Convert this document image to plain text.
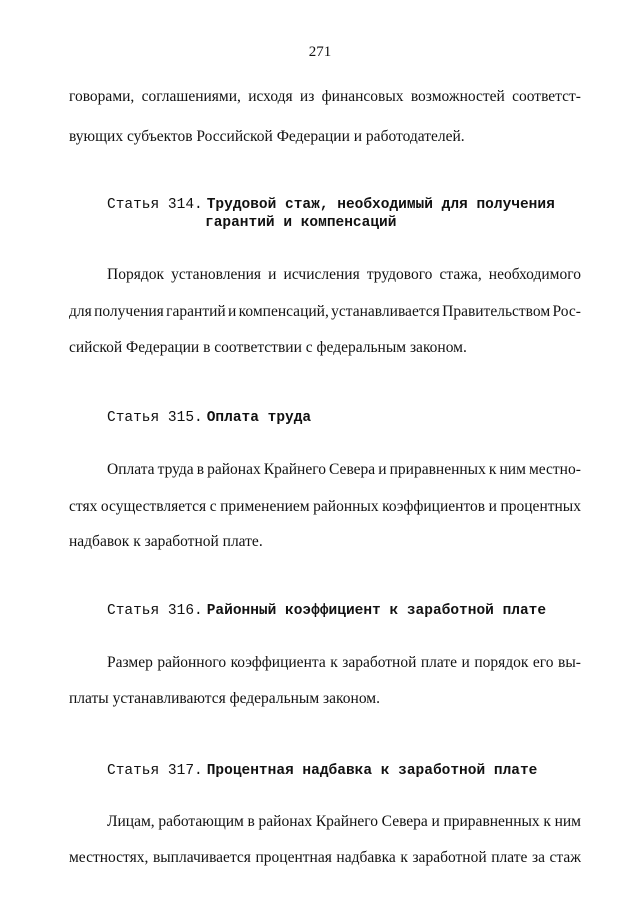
271
говорами, соглашениями, исходя из финансовых возможностей соответст-
вующих субъектов Российской Федерации и работодателей.
Статья 314. Трудовой стаж, необходимый для получения
гарантий и компенсаций
Порядок установления и исчисления трудового стажа, необходимого
для получения гарантий и компенсаций, устанавливается Правительством Рос-
сийской Федерации в соответствии с федеральным законом.
Статья 315. Оплата труда
Оплата труда в районах Крайнего Севера и приравненных к ним местно-
стях осуществляется с применением районных коэффициентов и процентных
надбавок к заработной плате.
Статья 316. Районный коэффициент к заработной плате
Размер районного коэффициента к заработной плате и порядок его вы-
платы устанавливаются федеральным законом.
Статья 317. Процентная надбавка к заработной плате
Лицам, работающим в районах Крайнего Севера и приравненных к ним
местностях, выплачивается процентная надбавка к заработной плате за стаж
